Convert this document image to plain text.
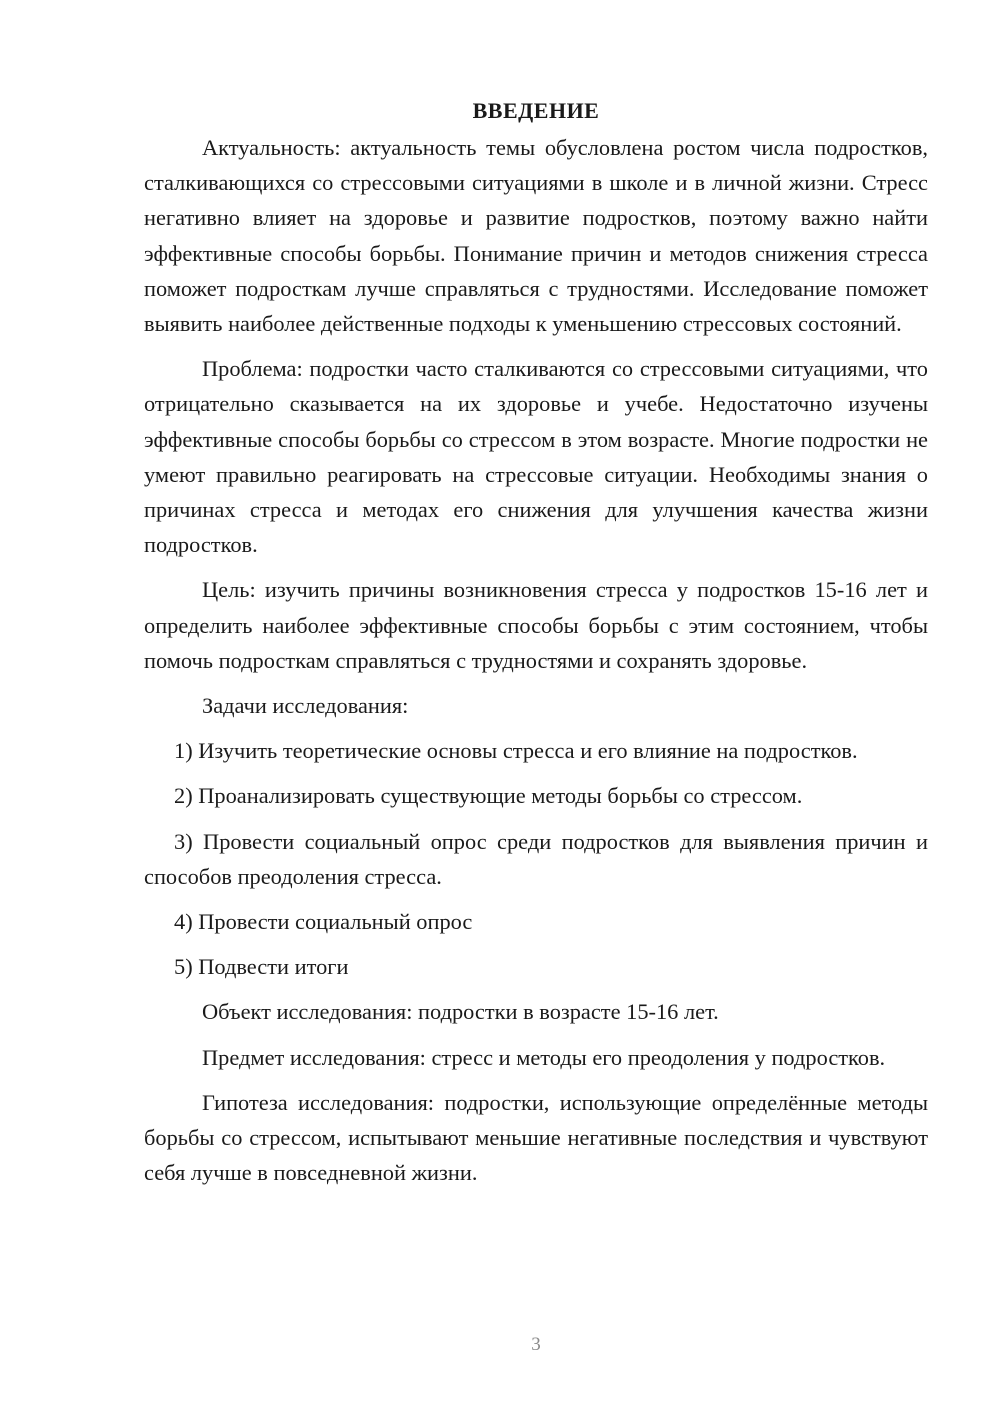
ВВЕДЕНИЕ

Актуальность: актуальность темы обусловлена ростом числа подростков, сталкивающихся со стрессовыми ситуациями в школе и в личной жизни. Стресс негативно влияет на здоровье и развитие подростков, поэтому важно найти эффективные способы борьбы. Понимание причин и методов снижения стресса поможет подросткам лучше справляться с трудностями. Исследование поможет выявить наиболее действенные подходы к уменьшению стрессовых состояний.

Проблема: подростки часто сталкиваются со стрессовыми ситуациями, что отрицательно сказывается на их здоровье и учебе. Недостаточно изучены эффективные способы борьбы со стрессом в этом возрасте. Многие подростки не умеют правильно реагировать на стрессовые ситуации. Необходимы знания о причинах стресса и методах его снижения для улучшения качества жизни подростков.

Цель: изучить причины возникновения стресса у подростков 15-16 лет и определить наиболее эффективные способы борьбы с этим состоянием, чтобы помочь подросткам справляться с трудностями и сохранять здоровье.

Задачи исследования:

1) Изучить теоретические основы стресса и его влияние на подростков.

2) Проанализировать существующие методы борьбы со стрессом.

3) Провести социальный опрос среди подростков для выявления причин и способов преодоления стресса.

4) Провести социальный опрос

5) Подвести итоги

Объект исследования: подростки в возрасте 15-16 лет.

Предмет исследования: стресс и методы его преодоления у подростков.

Гипотеза исследования: подростки, использующие определённые методы борьбы со стрессом, испытывают меньшие негативные последствия и чувствуют себя лучше в повседневной жизни.

3
